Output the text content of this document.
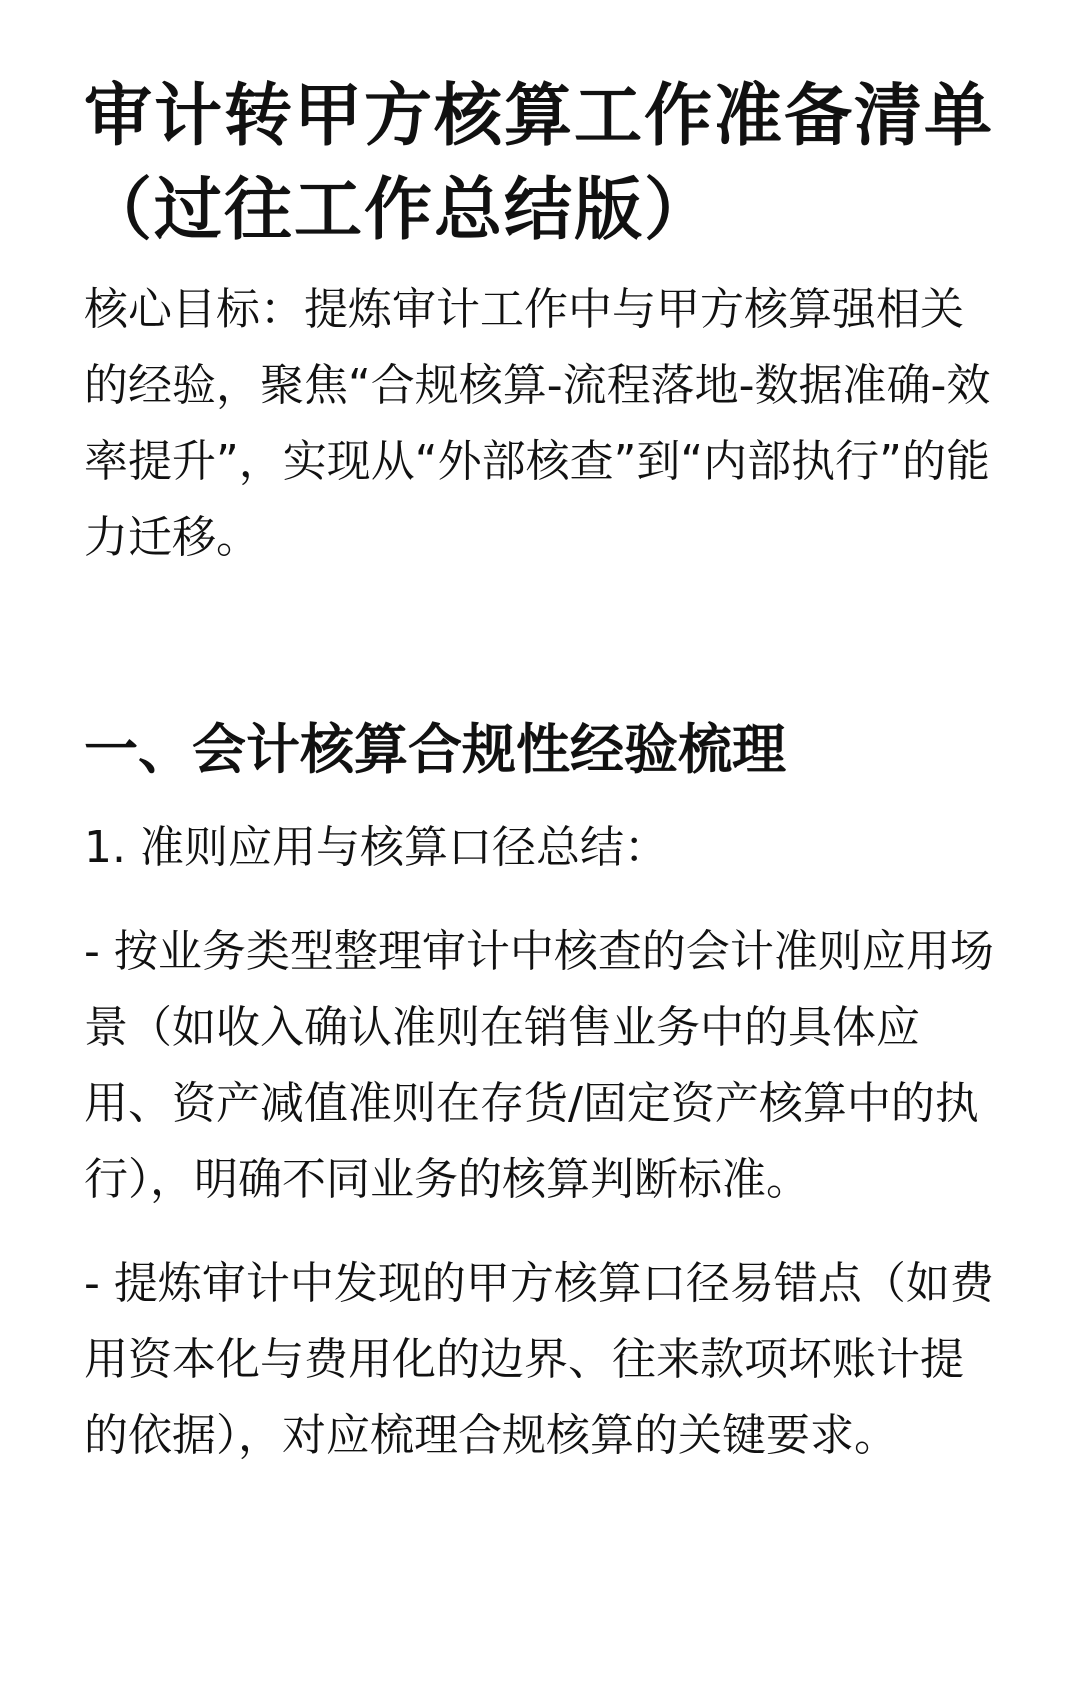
审计转甲方核算工作准备清单（过往工作总结版）

核心目标：提炼审计工作中与甲方核算强相关的经验，聚焦“合规核算-流程落地-数据准确-效率提升”，实现从“外部核查”到“内部执行”的能力迁移。

一、会计核算合规性经验梳理

1. 准则应用与核算口径总结：

- 按业务类型整理审计中核查的会计准则应用场景（如收入确认准则在销售业务中的具体应用、资产减值准则在存货/固定资产核算中的执行），明确不同业务的核算判断标准。

- 提炼审计中发现的甲方核算口径易错点（如费用资本化与费用化的边界、往来款项坏账计提的依据），对应梳理合规核算的关键要求。
